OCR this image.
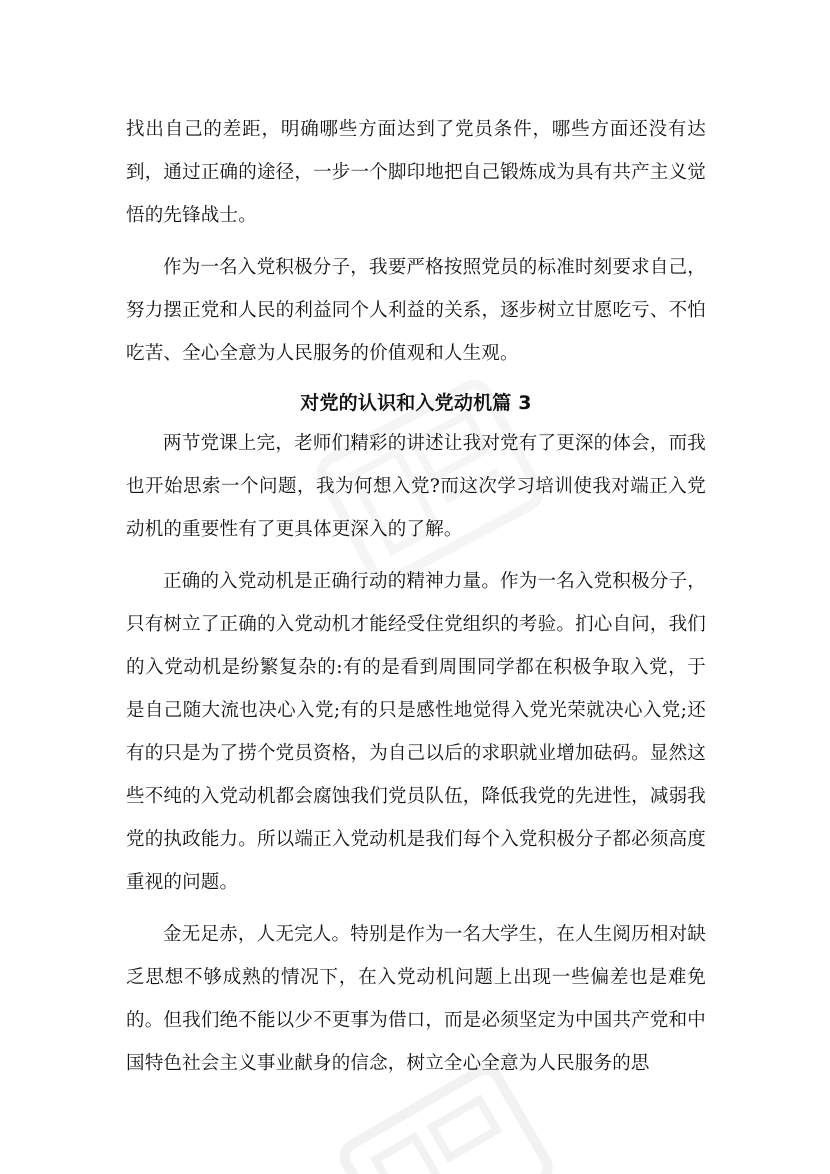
找出自己的差距，明确哪些方面达到了党员条件，哪些方面还没有达到，通过正确的途径，一步一个脚印地把自己锻炼成为具有共产主义觉悟的先锋战士。

作为一名入党积极分子，我要严格按照党员的标准时刻要求自己，努力摆正党和人民的利益同个人利益的关系，逐步树立甘愿吃亏、不怕吃苦、全心全意为人民服务的价值观和人生观。

对党的认识和入党动机篇 3

两节党课上完，老师们精彩的讲述让我对党有了更深的体会，而我也开始思索一个问题，我为何想入党?而这次学习培训使我对端正入党动机的重要性有了更具体更深入的了解。

正确的入党动机是正确行动的精神力量。作为一名入党积极分子，只有树立了正确的入党动机才能经受住党组织的考验。扪心自问，我们的入党动机是纷繁复杂的:有的是看到周围同学都在积极争取入党，于是自己随大流也决心入党;有的只是感性地觉得入党光荣就决心入党;还有的只是为了捞个党员资格，为自己以后的求职就业增加砝码。显然这些不纯的入党动机都会腐蚀我们党员队伍，降低我党的先进性，减弱我党的执政能力。所以端正入党动机是我们每个入党积极分子都必须高度重视的问题。

金无足赤，人无完人。特别是作为一名大学生，在人生阅历相对缺乏思想不够成熟的情况下，在入党动机问题上出现一些偏差也是难免的。但我们绝不能以少不更事为借口，而是必须坚定为中国共产党和中国特色社会主义事业献身的信念，树立全心全意为人民服务的思
